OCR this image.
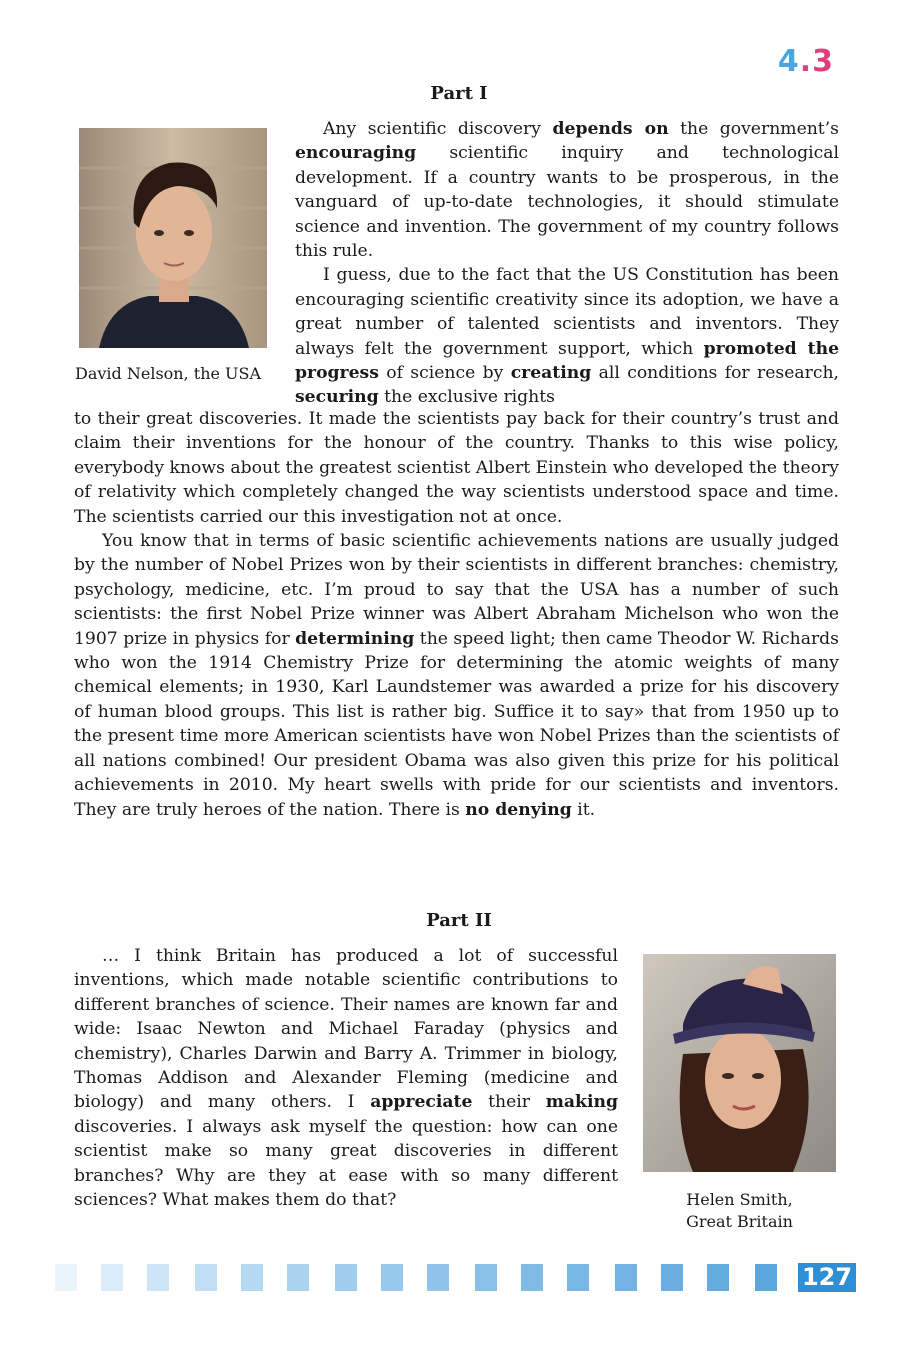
4.3
Part I
David Nelson, the USA

Any scientific discovery depends on the government’s encouraging scientific inquiry and technological development. If a country wants to be prosperous, in the vanguard of up-to-date technologies, it should stimulate science and invention. The government of my country follows this rule.

I guess, due to the fact that the US Constitution has been encouraging scientific creativity since its adoption, we have a great number of talented scientists and inventors. They always felt the government support, which promoted the progress of science by creating all conditions for research, securing the exclusive rights

to their great discoveries. It made the scientists pay back for their country’s trust and claim their inventions for the honour of the country. Thanks to this wise policy, everybody knows about the greatest scientist Albert Einstein who developed the theory of relativity which completely changed the way scientists understood space and time. The scientists carried our this investigation not at once.

You know that in terms of basic scientific achievements nations are usually judged by the number of Nobel Prizes won by their scientists in different branches: chemistry, psychology, medicine, etc. I’m proud to say that the USA has a number of such scientists: the first Nobel Prize winner was Albert Abraham Michelson who won the 1907 prize in physics for determining the speed light; then came Theodor W. Richards who won the 1914 Chemistry Prize for determining the atomic weights of many chemical elements; in 1930, Karl Laundstemer was awarded a prize for his discovery of human blood groups. This list is rather big. Suffice it to say» that from 1950 up to the present time more American scientists have won Nobel Prizes than the scientists of all nations combined! Our president Obama was also given this prize for his political achievements in 2010. My heart swells with pride for our scientists and inventors. They are truly heroes of the nation. There is no denying it.

Part II

… I think Britain has produced a lot of successful inventions, which made notable scientific contributions to different branches of science. Their names are known far and wide: Isaac Newton and Michael Faraday (physics and chemistry), Charles Darwin and Barry A. Trimmer in biology, Thomas Addison and Alexander Fleming (medicine and biology) and many others. I appreciate their making discoveries. I always ask myself the question: how can one scientist make so many great discoveries in different branches? Why are they at ease with so many different sciences? What makes them do that?	Helen Smith,
Great Britain
127
